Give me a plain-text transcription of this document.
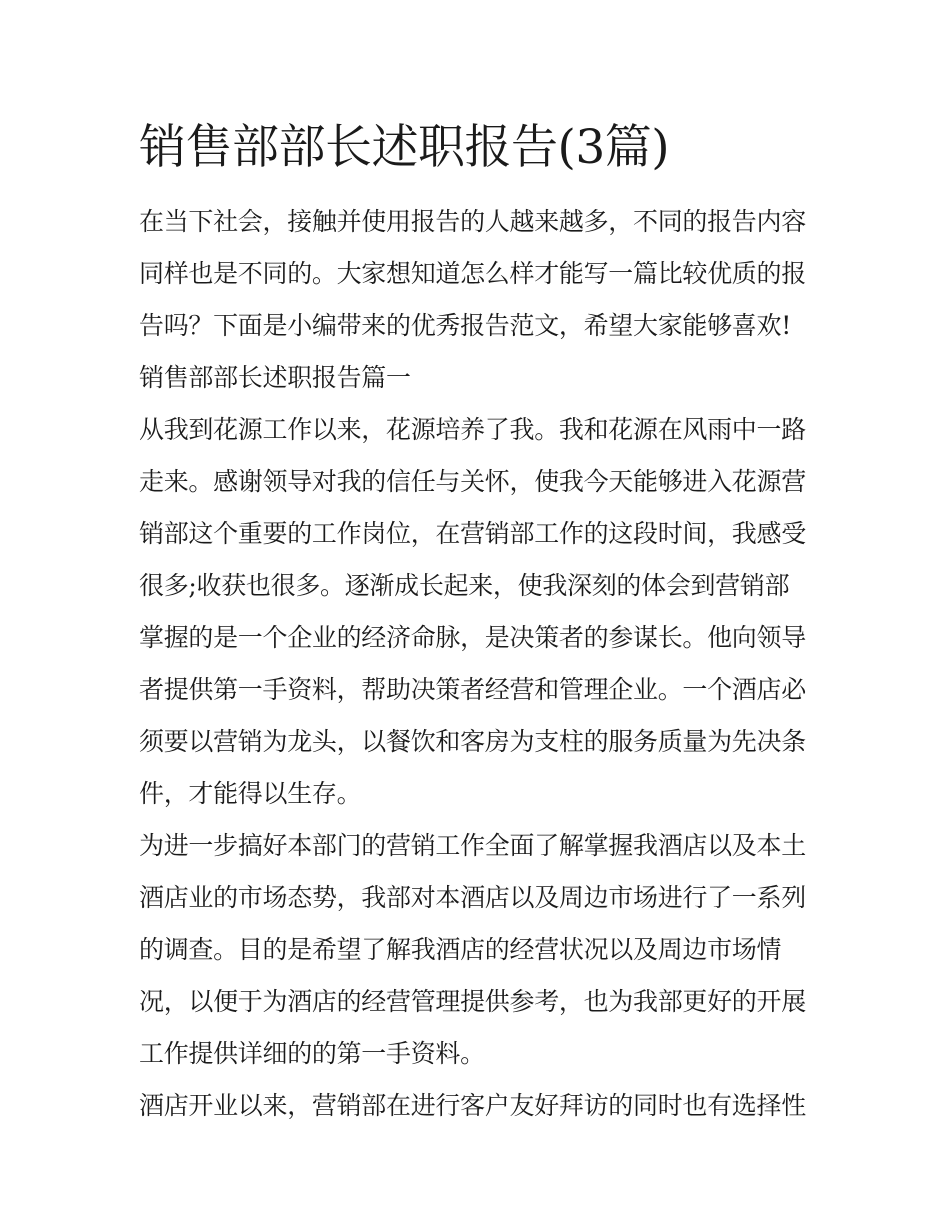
销售部部长述职报告(3篇)
在当下社会，接触并使用报告的人越来越多，不同的报告内容
同样也是不同的。大家想知道怎么样才能写一篇比较优质的报
告吗？下面是小编带来的优秀报告范文，希望大家能够喜欢!
销售部部长述职报告篇一
从我到花源工作以来，花源培养了我。我和花源在风雨中一路
走来。感谢领导对我的信任与关怀，使我今天能够进入花源营
销部这个重要的工作岗位，在营销部工作的这段时间，我感受
很多;收获也很多。逐渐成长起来，使我深刻的体会到营销部
掌握的是一个企业的经济命脉，是决策者的参谋长。他向领导
者提供第一手资料，帮助决策者经营和管理企业。一个酒店必
须要以营销为龙头，以餐饮和客房为支柱的服务质量为先决条
件，才能得以生存。
为进一步搞好本部门的营销工作全面了解掌握我酒店以及本土
酒店业的市场态势，我部对本酒店以及周边市场进行了一系列
的调查。目的是希望了解我酒店的经营状况以及周边市场情
况，以便于为酒店的经营管理提供参考，也为我部更好的开展
工作提供详细的的第一手资料。
酒店开业以来，营销部在进行客户友好拜访的同时也有选择性
